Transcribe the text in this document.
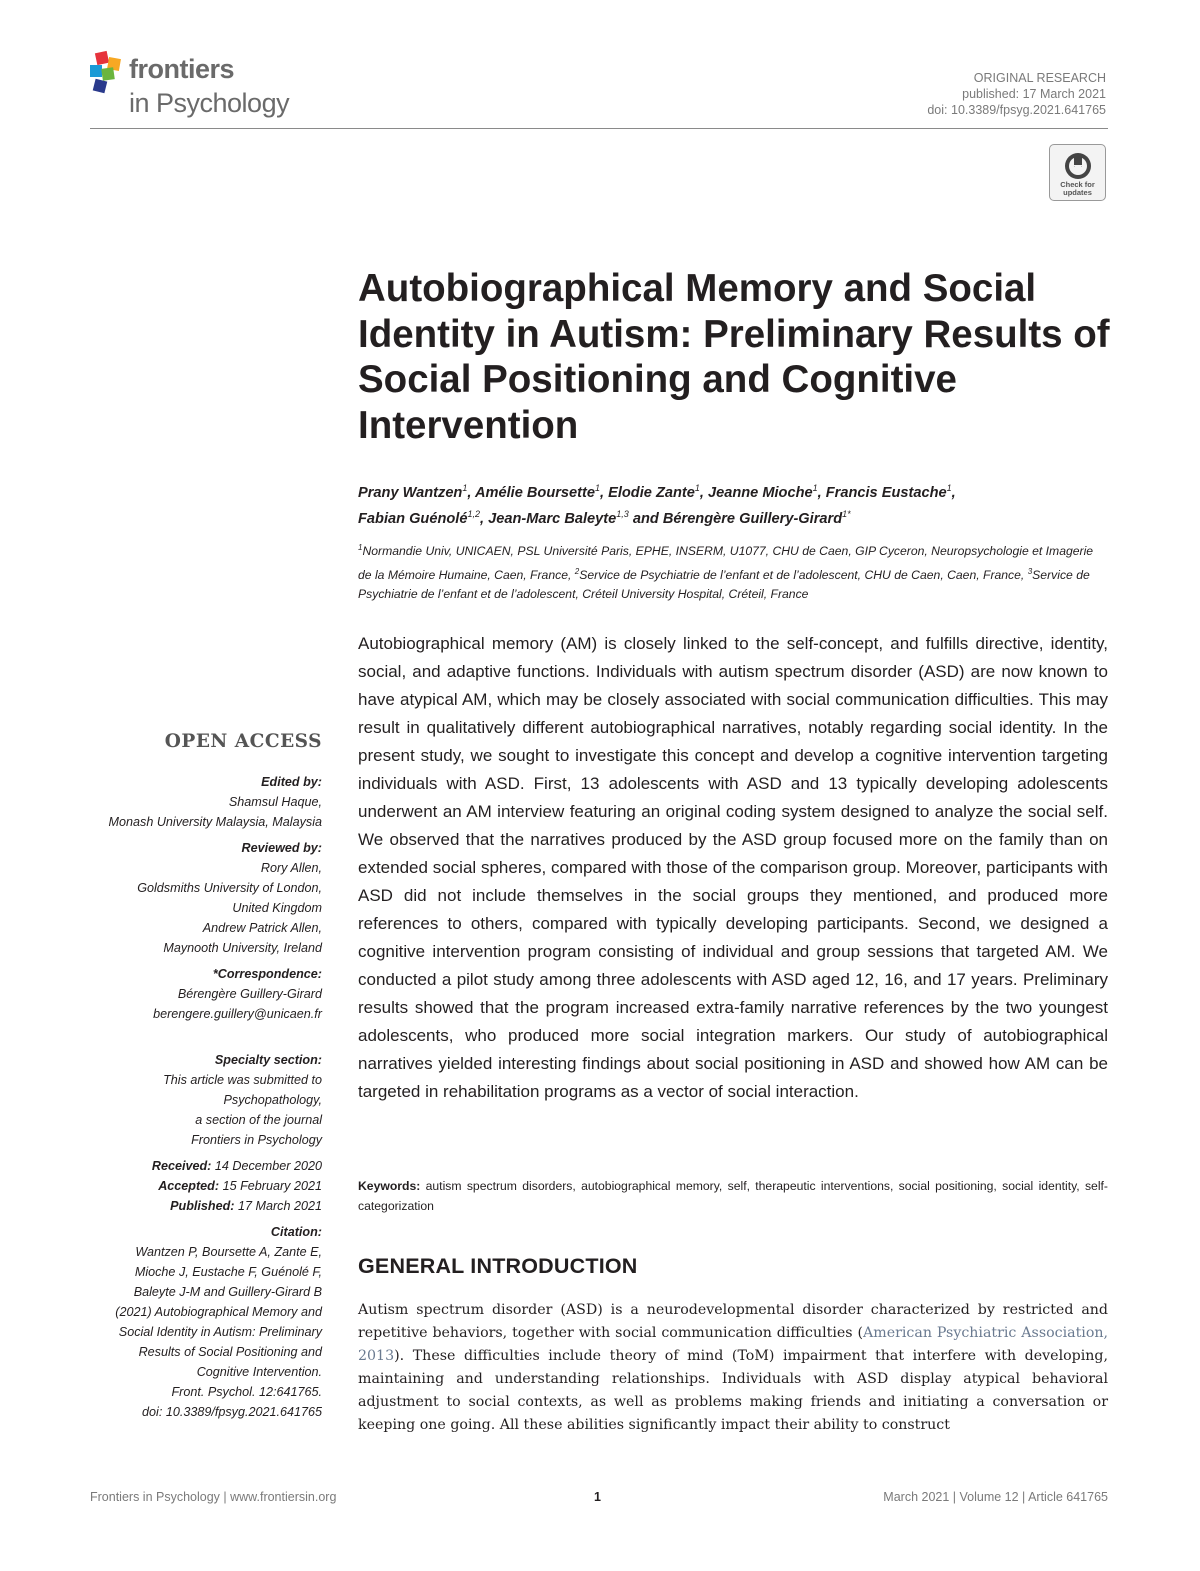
frontiers
in Psychology
ORIGINAL RESEARCH
published: 17 March 2021
doi: 10.3389/fpsyg.2021.641765
Check for
updates
Autobiographical Memory and Social Identity in Autism: Preliminary Results of Social Positioning and Cognitive Intervention
Prany Wantzen$^1$, Amélie Boursette$^1$, Elodie Zante$^1$, Jeanne Mioche$^1$, Francis Eustache$^1$,
Fabian Guénolé$^{1,2}$, Jean-Marc Baleyte$^{1,3}$ and Bérengère Guillery-Girard$^{1*}$
$^1$Normandie Univ, UNICAEN, PSL Université Paris, EPHE, INSERM, U1077, CHU de Caen, GIP Cyceron, Neuropsychologie et Imagerie de la Mémoire Humaine, Caen, France, $^2$Service de Psychiatrie de l’enfant et de l’adolescent, CHU de Caen, Caen, France, $^3$Service de Psychiatrie de l’enfant et de l’adolescent, Créteil University Hospital, Créteil, France
Autobiographical memory (AM) is closely linked to the self-concept, and fulfills directive, identity, social, and adaptive functions. Individuals with autism spectrum disorder (ASD) are now known to have atypical AM, which may be closely associated with social communication difficulties. This may result in qualitatively different autobiographical narratives, notably regarding social identity. In the present study, we sought to investigate this concept and develop a cognitive intervention targeting individuals with ASD. First, 13 adolescents with ASD and 13 typically developing adolescents underwent an AM interview featuring an original coding system designed to analyze the social self. We observed that the narratives produced by the ASD group focused more on the family than on extended social spheres, compared with those of the comparison group. Moreover, participants with ASD did not include themselves in the social groups they mentioned, and produced more references to others, compared with typically developing participants. Second, we designed a cognitive intervention program consisting of individual and group sessions that targeted AM. We conducted a pilot study among three adolescents with ASD aged 12, 16, and 17 years. Preliminary results showed that the program increased extra-family narrative references by the two youngest adolescents, who produced more social integration markers. Our study of autobiographical narratives yielded interesting findings about social positioning in ASD and showed how AM can be targeted in rehabilitation programs as a vector of social interaction.
Keywords: autism spectrum disorders, autobiographical memory, self, therapeutic interventions, social positioning, social identity, self-categorization
GENERAL INTRODUCTION
Autism spectrum disorder (ASD) is a neurodevelopmental disorder characterized by restricted and repetitive behaviors, together with social communication difficulties (American Psychiatric Association, 2013). These difficulties include theory of mind (ToM) impairment that interfere with developing, maintaining and understanding relationships. Individuals with ASD display atypical behavioral adjustment to social contexts, as well as problems making friends and initiating a conversation or keeping one going. All these abilities significantly impact their ability to construct
OPEN ACCESS
Edited by:
Shamsul Haque,
Monash University Malaysia, Malaysia
Reviewed by:
Rory Allen,
Goldsmiths University of London,
United Kingdom
Andrew Patrick Allen,
Maynooth University, Ireland
*Correspondence:
Bérengère Guillery-Girard
berengere.guillery@unicaen.fr
Specialty section:
This article was submitted to
Psychopathology,
a section of the journal
Frontiers in Psychology
Received: 14 December 2020
Accepted: 15 February 2021
Published: 17 March 2021
Citation:
Wantzen P, Boursette A, Zante E,
Mioche J, Eustache F, Guénolé F,
Baleyte J-M and Guillery-Girard B
(2021) Autobiographical Memory and
Social Identity in Autism: Preliminary
Results of Social Positioning and
Cognitive Intervention.
Front. Psychol. 12:641765.
doi: 10.3389/fpsyg.2021.641765
Frontiers in Psychology | www.frontiersin.org	1	March 2021 | Volume 12 | Article 641765
